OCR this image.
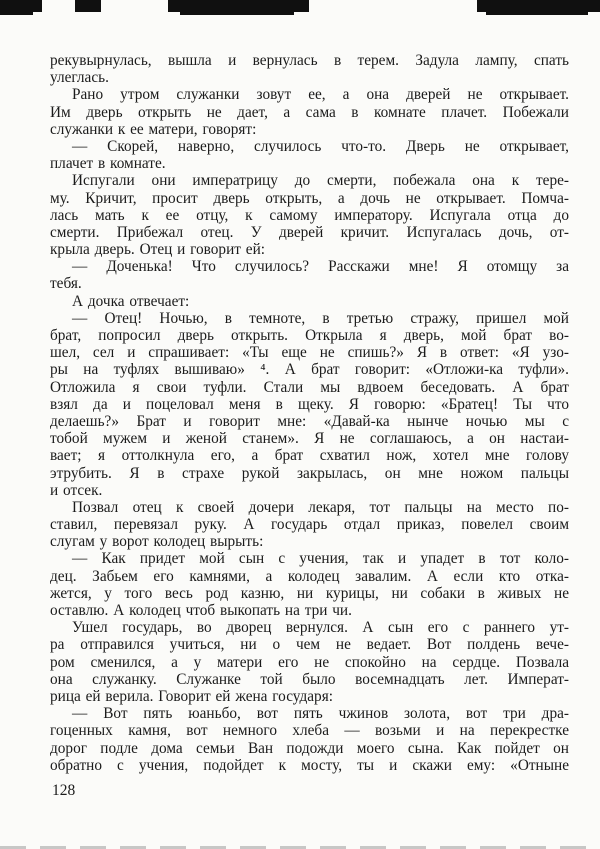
рекувырнулась, вышла и вернулась в терем. Задула лампу, спать
улеглась.
Рано утром служанки зовут ее, а она дверей не открывает.
Им дверь открыть не дает, а сама в комнате плачет. Побежали
служанки к ее матери, говорят:
— Скорей, наверно, случилось что-то. Дверь не открывает,
плачет в комнате.
Испугали они императрицу до смерти, побежала она к тере-
му. Кричит, просит дверь открыть, а дочь не открывает. Помча-
лась мать к ее отцу, к самому императору. Испугала отца до
смерти. Прибежал отец. У дверей кричит. Испугалась дочь, от-
крыла дверь. Отец и говорит ей:
— Доченька! Что случилось? Расскажи мне! Я отомщу за
тебя.
А дочка отвечает:
— Отец! Ночью, в темноте, в третью стражу, пришел мой
брат, попросил дверь открыть. Открыла я дверь, мой брат во-
шел, сел и спрашивает: «Ты еще не спишь?» Я в ответ: «Я узо-
ры на туфлях вышиваю» ⁴. А брат говорит: «Отложи-ка туфли».
Отложила я свои туфли. Стали мы вдвоем беседовать. А брат
взял да и поцеловал меня в щеку. Я говорю: «Братец! Ты что
делаешь?» Брат и говорит мне: «Давай-ка нынче ночью мы с
тобой мужем и женой станем». Я не соглашаюсь, а он настаи-
вает; я оттолкнула его, а брат схватил нож, хотел мне голову
этрубить. Я в страхе рукой закрылась, он мне ножом пальцы
и отсек.
Позвал отец к своей дочери лекаря, тот пальцы на место по-
ставил, перевязал руку. А государь отдал приказ, повелел своим
слугам у ворот колодец вырыть:
— Как придет мой сын с учения, так и упадет в тот коло-
дец. Забьем его камнями, а колодец завалим. А если кто отка-
жется, у того весь род казню, ни курицы, ни собаки в живых не
оставлю. А колодец чтоб выкопать на три чи.
Ушел государь, во дворец вернулся. А сын его с раннего ут-
ра отправился учиться, ни о чем не ведает. Вот полдень вече-
ром сменился, а у матери его не спокойно на сердце. Позвала
она служанку. Служанке той было восемнадцать лет. Императ-
рица ей верила. Говорит ей жена государя:
— Вот пять юаньбо, вот пять чжинов золота, вот три дра-
гоценных камня, вот немного хлеба — возьми и на перекрестке
дорог подле дома семьи Ван подожди моего сына. Как пойдет он
обратно с учения, подойдет к мосту, ты и скажи ему: «Отныне
128
